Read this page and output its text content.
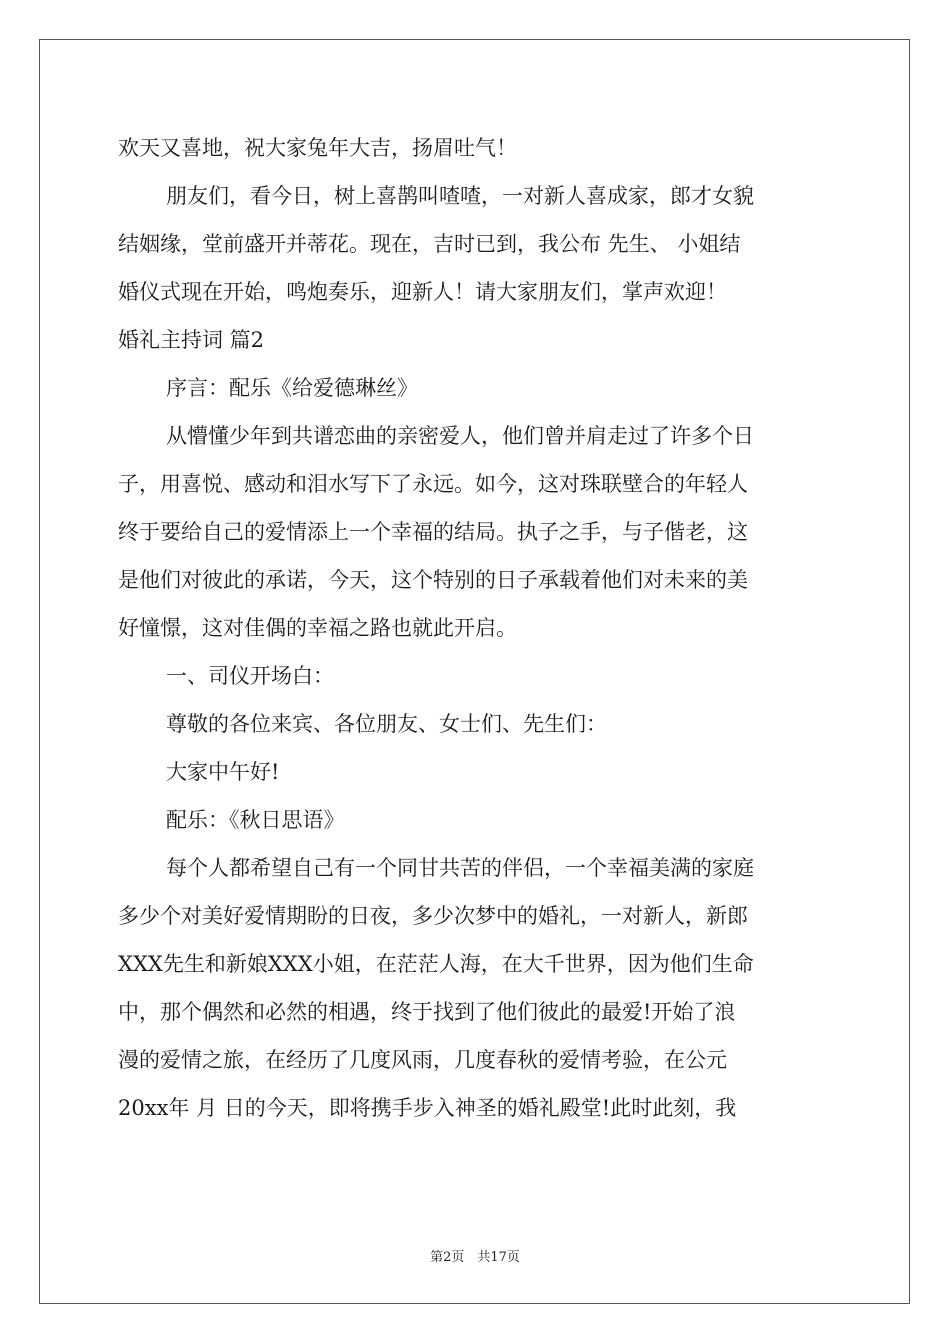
欢天又喜地，祝大家兔年大吉，扬眉吐气！
朋友们，看今日，树上喜鹊叫喳喳，一对新人喜成家，郎才女貌
结姻缘，堂前盛开并蒂花。现在，吉时已到，我公布 先生、 小姐结
婚仪式现在开始，鸣炮奏乐，迎新人！请大家朋友们，掌声欢迎！
婚礼主持词 篇2
序言：配乐《给爱德琳丝》
从懵懂少年到共谱恋曲的亲密爱人，他们曾并肩走过了许多个日
子，用喜悦、感动和泪水写下了永远。如今，这对珠联壁合的年轻人
终于要给自己的爱情添上一个幸福的结局。执子之手，与子偕老，这
是他们对彼此的承诺，今天，这个特别的日子承载着他们对未来的美
好憧憬，这对佳偶的幸福之路也就此开启。
一、司仪开场白：
尊敬的各位来宾、各位朋友、女士们、先生们：
大家中午好!
配乐：《秋日思语》
每个人都希望自己有一个同甘共苦的伴侣，一个幸福美满的家庭
多少个对美好爱情期盼的日夜，多少次梦中的婚礼，一对新人，新郎
XXX先生和新娘XXX小姐，在茫茫人海，在大千世界，因为他们生命
中，那个偶然和必然的相遇，终于找到了他们彼此的最爱!开始了浪
漫的爱情之旅，在经历了几度风雨，几度春秋的爱情考验，在公元
20xx年 月 日的今天，即将携手步入神圣的婚礼殿堂!此时此刻，我
第2页　共17页
